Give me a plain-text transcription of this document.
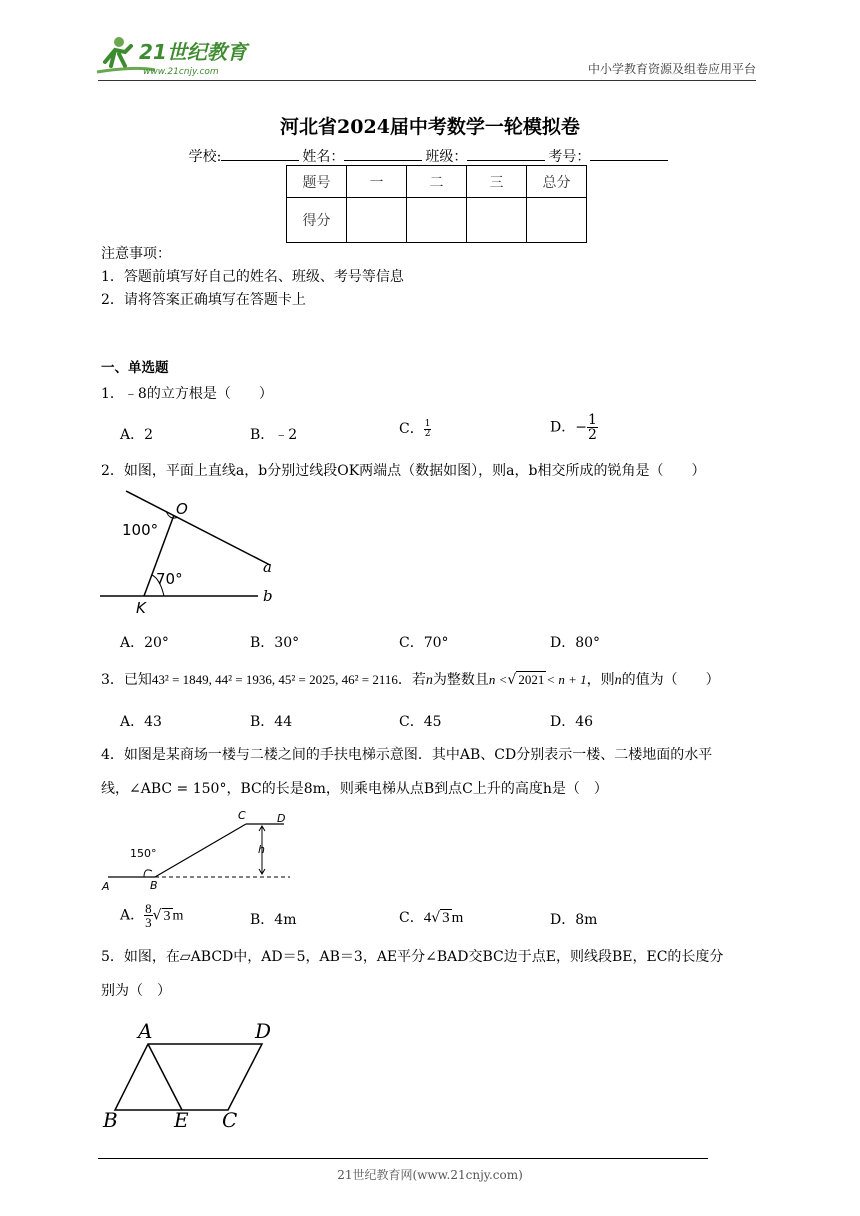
21世纪教育
www.21cnjy.com	中小学教育资源及组卷应用平台
河北省2024届中考数学一轮模拟卷
学校:	姓名：	班级：	考号：
题号	一	二	三	总分
得分				
注意事项：
1．答题前填写好自己的姓名、班级、考号等信息
2．请将答案正确填写在答题卡上
一、单选题
1．﹣8的立方根是（　　）
A．2	B．﹣2	C． $\frac{1}{2}$	D．− $\frac{1}{2}$
2．如图，平面上直线a，b分别过线段OK两端点（数据如图），则a，b相交所成的锐角是（　　）
O
K
a
b
100°
70°
A．20°	B．30°	C．70°	D．80°
3．已知43² = 1849, 44² = 1936, 45² = 2025, 46² = 2116．若n为整数且n <√ 2021 < n + 1，则n的值为（　　）
A．43	B．44	C．45	D．46
4．如图是某商场一楼与二楼之间的手扶电梯示意图．其中AB、CD分别表示一楼、二楼地面的水平
线，∠ABC = 150°，BC的长是8m，则乘电梯从点B到点C上升的高度h是（　）
A	B
C	D
h
150°
A． $\frac{8}{3}$ √ 3 m	B．4m	C．4√ 3 m	D．8m
5．如图，在▱ABCD中，AD＝5，AB＝3，AE平分∠BAD交BC边于点E，则线段BE，EC的长度分
别为（　）
A	D
B	E C
21世纪教育网(www.21cnjy.com)
